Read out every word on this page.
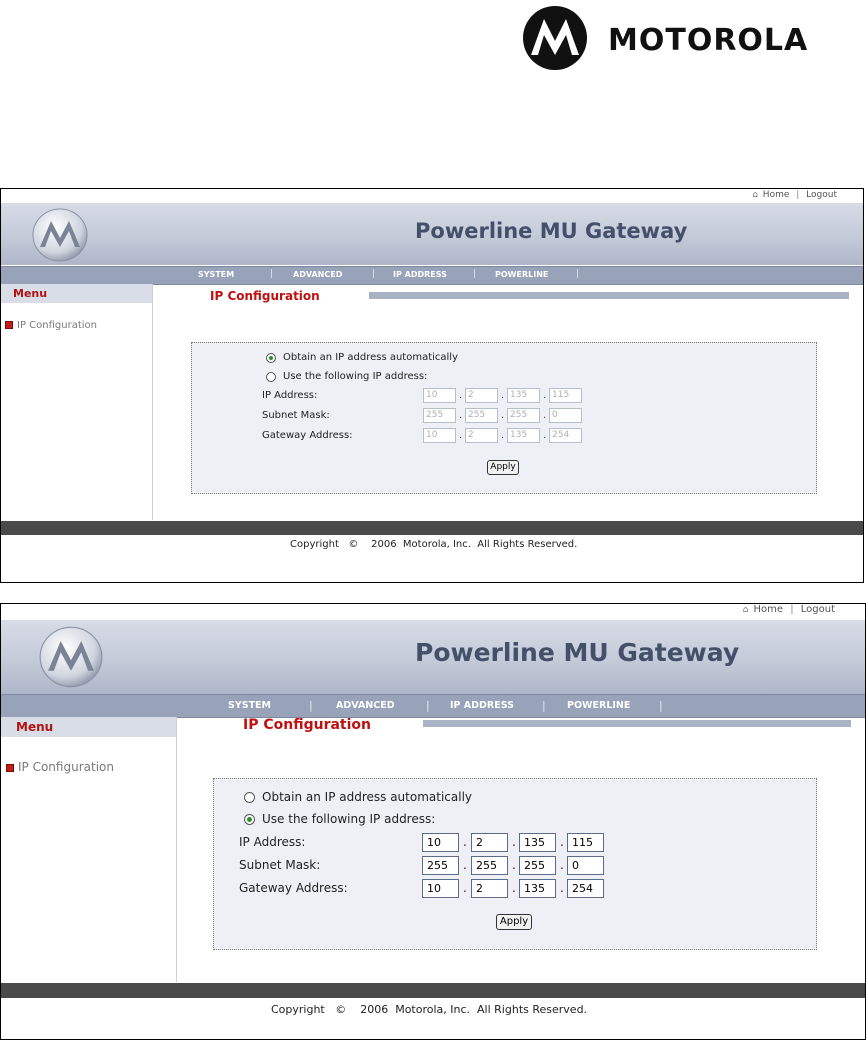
MOTOROLA
⌂ Home | Logout
Powerline MU Gateway
SYSTEM	| ADVANCED	| IP ADDRESS	| POWERLINE	|
Menu
IP Configuration
IP Configuration
Obtain an IP address automatically
Use the following IP address:
IP Address:	10	. 2	. 135	. 115
Subnet Mask:	255	. 255	. 255	. 0
Gateway Address:	10	. 2	. 135	. 254
Apply
Copyright   ©    2006  Motorola, Inc.  All Rights Reserved.
⌂ Home | Logout
Powerline MU Gateway
SYSTEM	| ADVANCED	| IP ADDRESS	| POWERLINE	|
Menu
IP Configuration
IP Configuration
Obtain an IP address automatically
Use the following IP address:
IP Address:	10	. 2	. 135	. 115
Subnet Mask:	255	. 255	. 255	. 0
Gateway Address:	10	. 2	. 135	. 254
Apply
Copyright   ©    2006  Motorola, Inc.  All Rights Reserved.
